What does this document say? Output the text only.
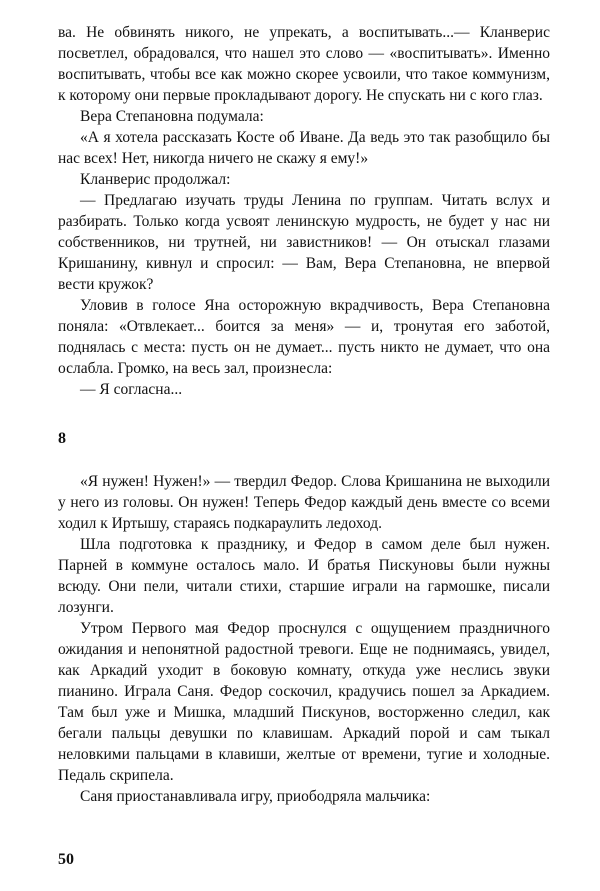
ва. Не обвинять никого, не упрекать, а воспитывать...— Кланверис посветлел, обрадовался, что нашел это слово — «воспитывать». Именно воспитывать, чтобы все как можно скорее усвоили, что такое коммунизм, к которому они первые прокладывают дорогу. Не спускать ни с кого глаз.

Вера Степановна подумала:

«А я хотела рассказать Косте об Иване. Да ведь это так разобщило бы нас всех! Нет, никогда ничего не скажу я ему!»

Кланверис продолжал:

— Предлагаю изучать труды Ленина по группам. Читать вслух и разбирать. Только когда усвоят ленинскую мудрость, не будет у нас ни собственников, ни трутней, ни завистников! — Он отыскал глазами Кришанину, кивнул и спросил: — Вам, Вера Степановна, не впервой вести кружок?

Уловив в голосе Яна осторожную вкрадчивость, Вера Степановна поняла: «Отвлекает... боится за меня» — и, тронутая его заботой, поднялась с места: пусть он не думает... пусть никто не думает, что она ослабла. Громко, на весь зал, произнесла:

— Я согласна...

8

«Я нужен! Нужен!» — твердил Федор. Слова Кришанина не выходили у него из головы. Он нужен! Теперь Федор каждый день вместе со всеми ходил к Иртышу, стараясь подкараулить ледоход.

Шла подготовка к празднику, и Федор в самом деле был нужен. Парней в коммуне осталось мало. И братья Пискуновы были нужны всюду. Они пели, читали стихи, старшие играли на гармошке, писали лозунги.

Утром Первого мая Федор проснулся с ощущением праздничного ожидания и непонятной радостной тревоги. Еще не поднимаясь, увидел, как Аркадий уходит в боковую комнату, откуда уже неслись звуки пианино. Играла Саня. Федор соскочил, крадучись пошел за Аркадием. Там был уже и Мишка, младший Пискунов, восторженно следил, как бегали пальцы девушки по клавишам. Аркадий порой и сам тыкал неловкими пальцами в клавиши, желтые от времени, тугие и холодные. Педаль скрипела.

Саня приостанавливала игру, приободряла мальчика:

50
